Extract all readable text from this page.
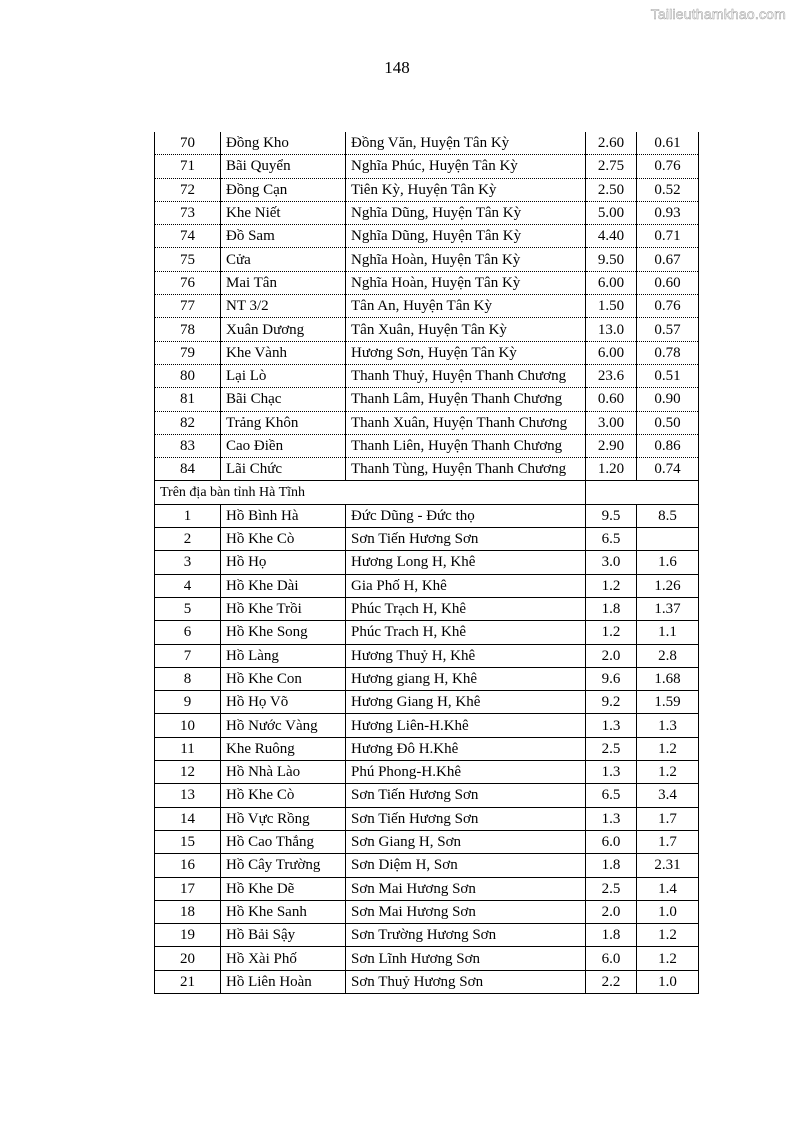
Tailieuthamkhao.com
148
70	Đồng Kho	Đồng Văn, Huyện Tân Kỳ	2.60	0.61
71	Bãi Quyển	Nghĩa Phúc, Huyện Tân Kỳ	2.75	0.76
72	Đồng Cạn	Tiên Kỳ, Huyện Tân Kỳ	2.50	0.52
73	Khe Niết	Nghĩa Dũng, Huyện Tân Kỳ	5.00	0.93
74	Đồ Sam	Nghĩa Dũng, Huyện Tân Kỳ	4.40	0.71
75	Cửa	Nghĩa Hoàn, Huyện Tân Kỳ	9.50	0.67
76	Mai Tân	Nghĩa Hoàn, Huyện Tân Kỳ	6.00	0.60
77	NT 3/2	Tân An, Huyện Tân Kỳ	1.50	0.76
78	Xuân Dương	Tân Xuân, Huyện Tân Kỳ	13.0	0.57
79	Khe Vành	Hương Sơn, Huyện Tân Kỳ	6.00	0.78
80	Lại Lò	Thanh Thuỷ, Huyện Thanh Chương	23.6	0.51
81	Bãi Chạc	Thanh Lâm, Huyện Thanh Chương	0.60	0.90
82	Trảng Khôn	Thanh Xuân, Huyện Thanh Chương	3.00	0.50
83	Cao Điền	Thanh Liên, Huyện Thanh Chương	2.90	0.86
84	Lãi Chức	Thanh Tùng, Huyện Thanh Chương	1.20	0.74
Trên địa bàn tỉnh Hà Tĩnh				
1	Hồ Bình Hà	Đức Dũng - Đức thọ	9.5	8.5
2	Hồ Khe Cò	Sơn Tiến Hương Sơn	6.5	
3	Hồ Họ	Hương Long H, Khê	3.0	1.6
4	Hồ Khe Dài	Gia Phố H, Khê	1.2	1.26
5	Hồ Khe Trồi	Phúc Trạch H, Khê	1.8	1.37
6	Hồ Khe Song	Phúc Trach H, Khê	1.2	1.1
7	Hồ Làng	Hương Thuỷ H, Khê	2.0	2.8
8	Hồ Khe Con	Hương giang H, Khê	9.6	1.68
9	Hồ Họ Võ	Hương Giang H, Khê	9.2	1.59
10	Hồ Nước Vàng	Hương Liên-H.Khê	1.3	1.3
11	Khe Ruông	Hương Đô H.Khê	2.5	1.2
12	Hồ Nhà Lào	Phú Phong-H.Khê	1.3	1.2
13	Hồ Khe Cò	Sơn Tiến Hương Sơn	6.5	3.4
14	Hồ Vực Rồng	Sơn Tiến Hương Sơn	1.3	1.7
15	Hồ Cao Thắng	Sơn Giang H, Sơn	6.0	1.7
16	Hồ Cây Trường	Sơn Diệm H, Sơn	1.8	2.31
17	Hồ Khe Dẽ	Sơn Mai Hương Sơn	2.5	1.4
18	Hồ Khe Sanh	Sơn Mai Hương Sơn	2.0	1.0
19	Hồ Bải Sậy	Sơn Trường Hương Sơn	1.8	1.2
20	Hồ Xài Phố	Sơn Lĩnh Hương Sơn	6.0	1.2
21	Hồ Liên Hoàn	Sơn Thuỷ Hương Sơn	2.2	1.0
